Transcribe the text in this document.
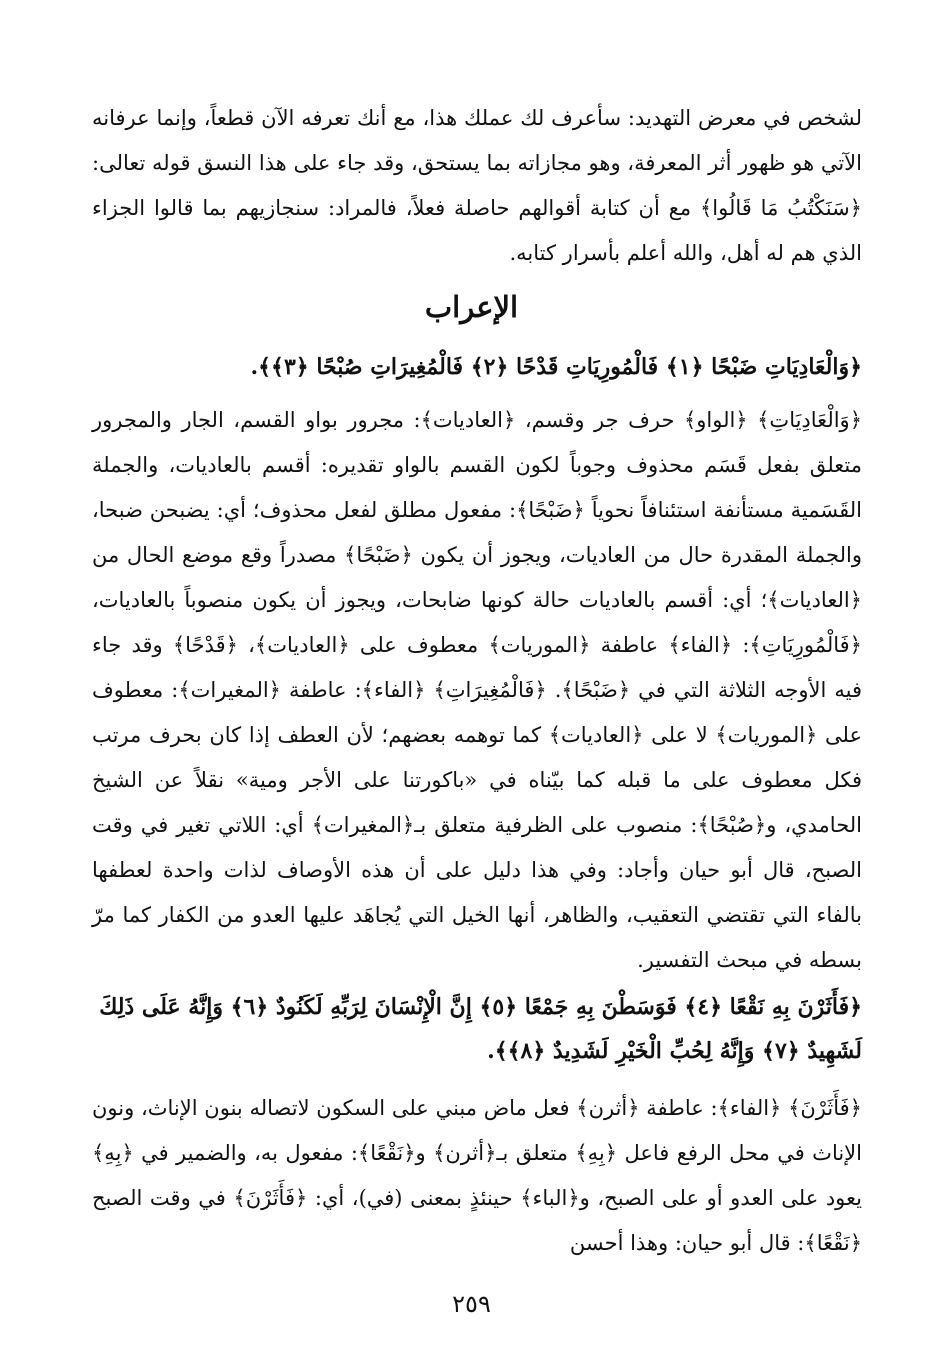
لشخص في معرض التهديد: سأعرف لك عملك هذا، مع أنك تعرفه الآن قطعاً، وإنما عرفانه الآتي هو ظهور أثر المعرفة، وهو مجازاته بما يستحق، وقد جاء على هذا النسق قوله تعالى: ﴿سَنَكْتُبُ مَا قَالُوا﴾ مع أن كتابة أقوالهم حاصلة فعلاً، فالمراد: سنجازيهم بما قالوا الجزاء الذي هم له أهل، والله أعلم بأسرار كتابه.

الإعراب

﴿وَالْعَادِيَاتِ ضَبْحًا ﴿١﴾ فَالْمُورِيَاتِ قَدْحًا ﴿٢﴾ فَالْمُغِيرَاتِ صُبْحًا ﴿٣﴾﴾.

﴿وَالْعَادِيَاتِ﴾ ﴿الواو﴾ حرف جر وقسم، ﴿العاديات﴾: مجرور بواو القسم، الجار والمجرور متعلق بفعل قَسَم محذوف وجوباً لكون القسم بالواو تقديره: أقسم بالعاديات، والجملة القَسَمية مستأنفة استئنافاً نحوياً ﴿ضَبْحًا﴾: مفعول مطلق لفعل محذوف؛ أي: يضبحن ضبحا، والجملة المقدرة حال من العاديات، ويجوز أن يكون ﴿ضَبْحًا﴾ مصدراً وقع موضع الحال من ﴿العاديات﴾؛ أي: أقسم بالعاديات حالة كونها ضابحات، ويجوز أن يكون منصوباً بالعاديات، ﴿فَالْمُورِيَاتِ﴾: ﴿الفاء﴾ عاطفة ﴿الموريات﴾ معطوف على ﴿العاديات﴾، ﴿قَدْحًا﴾ وقد جاء فيه الأوجه الثلاثة التي في ﴿ضَبْحًا﴾. ﴿فَالْمُغِيرَاتِ﴾ ﴿الفاء﴾: عاطفة ﴿المغيرات﴾: معطوف على ﴿الموريات﴾ لا على ﴿العاديات﴾ كما توهمه بعضهم؛ لأن العطف إذا كان بحرف مرتب فكل معطوف على ما قبله كما بيّناه في «باكورتنا على الأجر ومية» نقلاً عن الشيخ الحامدي، و﴿صُبْحًا﴾: منصوب على الظرفية متعلق بـ﴿المغيرات﴾ أي: اللاتي تغير في وقت الصبح، قال أبو حيان وأجاد: وفي هذا دليل على أن هذه الأوصاف لذات واحدة لعطفها بالفاء التي تقتضي التعقيب، والظاهر، أنها الخيل التي يُجاهَد عليها العدو من الكفار كما مرّ بسطه في مبحث التفسير.

﴿فَأَثَرْنَ بِهِ نَقْعًا ﴿٤﴾ فَوَسَطْنَ بِهِ جَمْعًا ﴿٥﴾ إِنَّ الْإِنْسَانَ لِرَبِّهِ لَكَنُودٌ ﴿٦﴾ وَإِنَّهُ عَلَى ذَلِكَ لَشَهِيدٌ ﴿٧﴾ وَإِنَّهُ لِحُبِّ الْخَيْرِ لَشَدِيدٌ ﴿٨﴾﴾.

﴿فَأَثَرْنَ﴾ ﴿الفاء﴾: عاطفة ﴿أثرن﴾ فعل ماض مبني على السكون لاتصاله بنون الإناث، ونون الإناث في محل الرفع فاعل ﴿بِهِ﴾ متعلق بـ﴿أثرن﴾ و﴿نَقْعًا﴾: مفعول به، والضمير في ﴿بِهِ﴾ يعود على العدو أو على الصبح، و﴿الباء﴾ حينئذٍ بمعنى (في)، أي: ﴿فَأَثَرْنَ﴾ في وقت الصبح ﴿نَقْعًا﴾: قال أبو حيان: وهذا أحسن

٢٥٩
